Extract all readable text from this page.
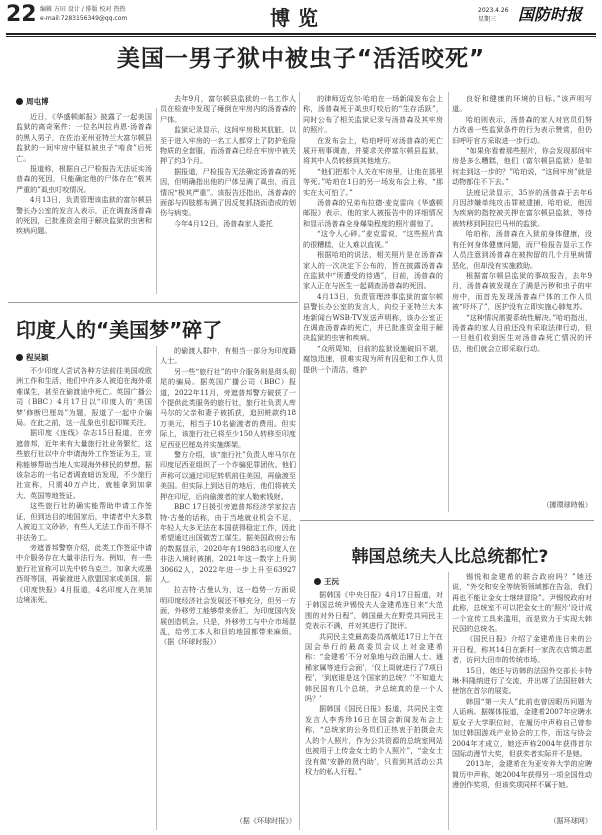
22 编辑 方田 设计 / 排版 校对 热热
e-mail:7283156349@qq.com	博览	2023.4.26
星期三	国防时报
美国一男子狱中被虫子“活活咬死”
周屯博

近日，《华盛顿邮报》披露了一起美国监狱的离奇案件：一位名叫拉肖恩·汤普森的黑人男子，在佐治亚州亚特兰大富尔顿县监狱的一间牢房中疑似被虫子“啃食”后死亡。

报道称，根据自己尸检报告无法证实汤普森的死因，只能确定他的尸体存在“极其严重的”虱虫叮咬情况。

4月13日，负责管理该监狱的富尔顿县警长办公室的发言人表示，正在调查汤普森的死因，已批准资金用于解决监狱的虫害和疾病问题。

去年9月，富尔顿县监狱的一名工作人员在检查中发现了瘫倒在牢房内的汤普森的尸体。

监狱记录显示，这间牢房极其肮脏，以至于进入牢房的一名工人都穿上了防护危险物质的全套服，而汤普森已经在牢房中被关押了约3个月。

据报道，尸检报告无法确定汤普森的死因，但明确指出他的尸体呈满了虱虫，而且情况“极其严重”。该报告还指出，汤普森的面部与四肢都布满了因反复抓挠而造成的划伤与病变。

今年4月12日，汤普森家人委托

的律师迈克尔·哈珀在一场新闻发布会上称，汤普森死于虱虫叮咬后的“生存活跃”，同时公布了相关监狱记录与汤普森及其牢房的照片。

在发布会上，哈珀呼吁对汤普森的死亡展开刑事调查，并要求关停富尔顿县监狱，将其中人员转移到其他地方。

“他们把那个人关在牢房里，让他在那里等死。”哈珀在1日的另一场发布会上称，“那实在太可怕了。”

汤普森的兄弟布拉德·麦克雷向《华盛顿邮报》表示，他的家人被报告中的详细情况和显示汤普森全身爆染程度的照片震惊了。

“这令人心碎。”麦克雷说，“这些照片真的很糟糕，让人难以直视。”

根据哈珀的说法，相关照片是在汤普森家人的一次决定下公布的，旨在披露汤普森在监狱中“所遭受的待遇”，目前，汤普森的家人正在与医生一起调查汤普森的死因。

4月13日，负责管理涉事监狱的富尔顿县警长办公室的发言人，向位于亚特兰大本地新闻台WSB-TV发送声明称，该办公室正在调查汤普森的死亡，并已批准资金用于解决监狱的虫害和疾病。

“众所周知，目前的监狱设施破旧不堪，腐蚀迅速，很难实现为所有囚犯和工作人员提供一个清洁、维护

良好和健康的环境的目标。”该声明写道。

哈珀则表示，汤普森的家人对官员们努力改善一些监狱条件的行为表示赞赏，但仍旧呼吁官方采取进一步行动。

“如果你看着那些照片，你会发现那间牢房是多么糟糕，他们（富尔顿县监狱）是如何走到这一步的？”哈珀说，“这间牢房”就是动物都住不下去。”

法庭记录显示，35岁的汤普森于去年6月因涉嫌单纯攻击罪被逮捕，哈珀说，他因为疾病的指控被关押在富尔顿县监狱，等待被转移到阿拉巴马州的监狱。

哈珀称，汤普森在入狱前身体健康，没有任何身体健康问题，而尸检报告显示工作人员注意到汤普森在被拘留的几个月里病情恶化，但却没有实施救助。

根据富尔顿县监狱的事故报告，去年9月，汤普森被发现在了满是污秽和虫子的牢房中，而首先发现汤普森尸体的工作人员被“吓坏了”，医护没有立即实施心肺复苏。

“这种情况需要系统性解决。”哈珀指出，汤普森的家人目前还没有采取法律行动，但一旦他们收到医生对汤普森死亡情况的评估，他们就会立即采取行动。

（據環球時報）
印度人的“美国梦”碎了
程吴颖

不少印度人尝试各种方法前往美国或欧洲工作和生活，他们中许多人被迫在海外艰难谋生，甚至在偷渡途中死亡。英国广播公司（BBC）4月17日以“印度人的‘美国梦’修断巴厘岛”为题，报道了一起中介骗局。在此之前，这一乱象也引起印媒关注。

据印度《连线》杂志15日报道，在旁遮普邦，近年来有大量旅行社业务繁忙，这些旅行社以中介申请海外工作签证为主，宣称能够帮助当地人实现海外移民的梦想。据该杂志的一名记者调查暗访发现，不少旅行社宣称，只需40万卢比，就能拿到加拿大、英国等地签证。

这些旅行社的确实能帮助申请工作签证，但到达目的地国家后，申请者中大多数人被迫工文砂砂，有些人无法工作而不得不非法务工。

旁遮普邦警察介绍，此类工作签证中请中介服务存在大量非法行为。例如，有一些旅行社宣称可以先中转乌克兰、加拿大或墨西哥等国，再偷渡进入欧盟国家或美国，据《印度快报》4月报道，4名印度人在美加边境冻死。

的偷渡人群中，有相当一部分为印度籍人士。

另一些“旅行社”的中介服务则是彻头彻尾的骗局。据英国广播公司（BBC）报道，2022年11月，旁遮普邦警方破获了一个提供此类服务的旅行社，旅行社负责人库马尔的父亲和妻子被抓获，追回赃款约18万美元，相当于10名偷渡者的费用。但实际上，该旅行社已将至少150人转移至印度尼西亚巴厘岛并实施绑架。

警方介绍，该“旅行社”负责人库马尔在印度尼西亚组织了一个诈骗犯罪团伙。他们声称可以通过印尼转机前往美国，再偷渡至美国。但实际上到达目的地后，他们将被关押在印尼，后向偷渡者的家人勒索钱财。

BBC 17日援引旁遮普邦经济学家拉吉特·古曼的话称，由于当地就业机会不足，年轻人大多无法在本国获得稳定工作，因此希望通过出国做苦工谋生。据美国政府公布的数据显示，2020年有19883名印度人在非法入境时被捕，2021年这一数字上升到30662人，2022年进一步上升至63927人。

拉吉特·古曼认为，这一趋势一方面说明印度经济社会发展还不够充分，但另一方面，外移劳工能够带来侨汇，为印度国内发展创造机会。只是，外移劳工与中介市场混乱，给劳工本人和目的地国都带来麻烦。（据《环球时报》）

（据《环球时报》）
韩国总统夫人比总统都忙?
王沅

据韩国《中央日报》4月17日报道，对于韩国总统尹锡悦夫人金建希连日来“大范围的对外日程”，韩国最大在野党共同民主党表示不满，并对其进行了批评。

共同民主党最高委员高敏廷17日上午在国会举行的最高委员会议上对金建希称：“金建希‘不分对象地与政治圈人士、通稀家属等进行会面’，‘仅上周就进行了7项日程’，‘到底谁是这个国家的总统？’‘不知道大韩民国有几个总统，尹总统真的是一个人吗？’

据韩国《国民日报》报道，共同民主党发言人李秀珍16日在国会新闻发布会上称，“总统家的公务员们正热衷于拍摄金夫人的个人照片，作为公共资源的总统室网站也被用于上传金女士的个人照片”，“金女士没有做‘安静的贤内助’，只看到其活动公共权力的私人行程。”

锡悦和金建希的联合政府吗？”她还说，“外交和安全等统领领域都在告急，我们再也不能让金女士继续冒险”。尹锡悦政府对此称，总统室不可以把金女士的‘照片’设计成一个宣传工具来滥用，而是致力于实现大韩民国的总统名。

《国民日报》介绍了金建希连日来的公开日程，称其14日在新村一家洗衣店慎志愿者，访问大田市的传统市场。

15日，她还与访韩的法国外交部长卡特琳·科隆纳进行了交流，并出席了法国驻韩大使馆在首尔的展览。

韩国“第一夫人”此前也曾因眼历问题为人诟病。据媒体报道，金建希2007年应聘水原女子大学职位时，在履历中声称自己曾参加过韩国游戏产业协会的工作，而这与协会2004年才成立，她还声称2004年获得首尔国际动漫节大奖，但获奖者实际并不是她。

2013年，金建希在为亚安养大学的应聘简历中声称，她2004年获得另一项全国性动漫创作奖项，但该奖项同样不属于她。

（据环球网）
